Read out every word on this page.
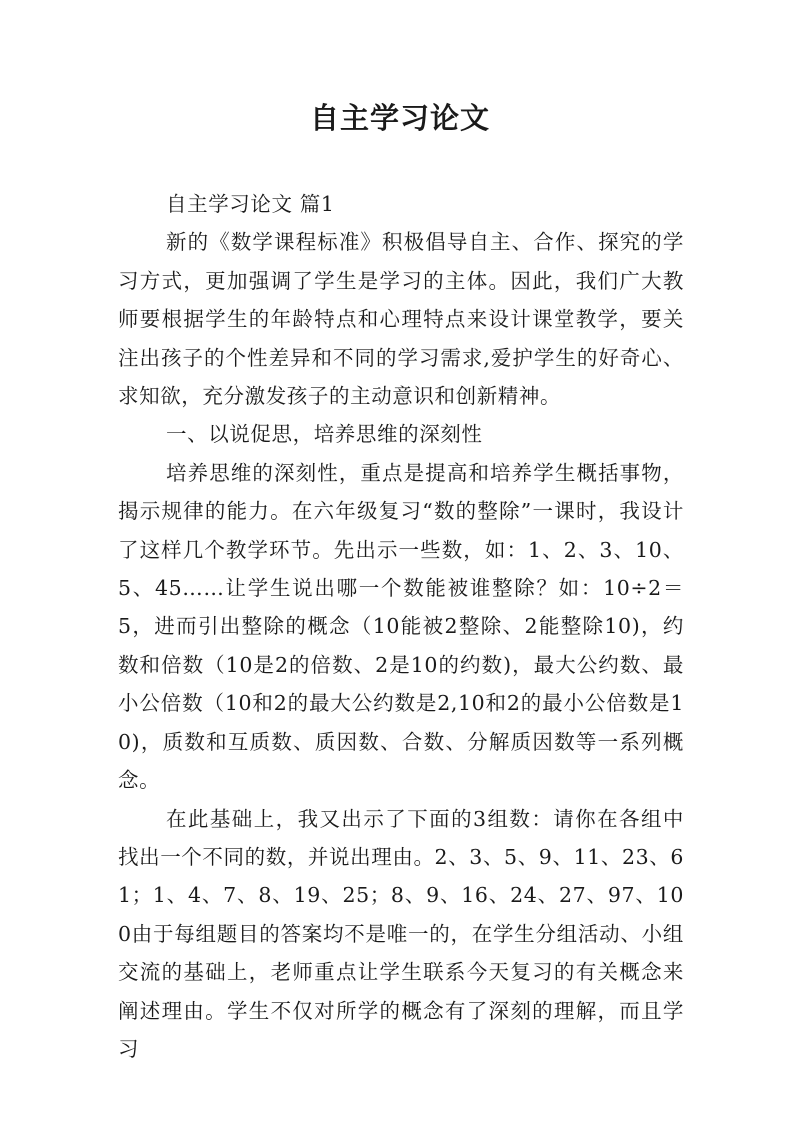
自主学习论文

自主学习论文 篇1

新的《数学课程标准》积极倡导自主、合作、探究的学习方式，更加强调了学生是学习的主体。因此，我们广大教师要根据学生的年龄特点和心理特点来设计课堂教学，要关注出孩子的个性差异和不同的学习需求,爱护学生的好奇心、求知欲，充分激发孩子的主动意识和创新精神。

一、以说促思，培养思维的深刻性

培养思维的深刻性，重点是提高和培养学生概括事物，揭示规律的能力。在六年级复习“数的整除”一课时，我设计了这样几个教学环节。先出示一些数，如：1、2、3、10、5、45……让学生说出哪一个数能被谁整除？如：10÷2＝5，进而引出整除的概念（10能被2整除、2能整除10)，约数和倍数（10是2的倍数、2是10的约数)，最大公约数、最小公倍数（10和2的最大公约数是2,10和2的最小公倍数是10)，质数和互质数、质因数、合数、分解质因数等一系列概念。

在此基础上，我又出示了下面的3组数：请你在各组中找出一个不同的数，并说出理由。2、3、5、9、11、23、61；1、4、7、8、19、25；8、9、16、24、27、97、100由于每组题目的答案均不是唯一的，在学生分组活动、小组交流的基础上，老师重点让学生联系今天复习的有关概念来阐述理由。学生不仅对所学的概念有了深刻的理解，而且学习
